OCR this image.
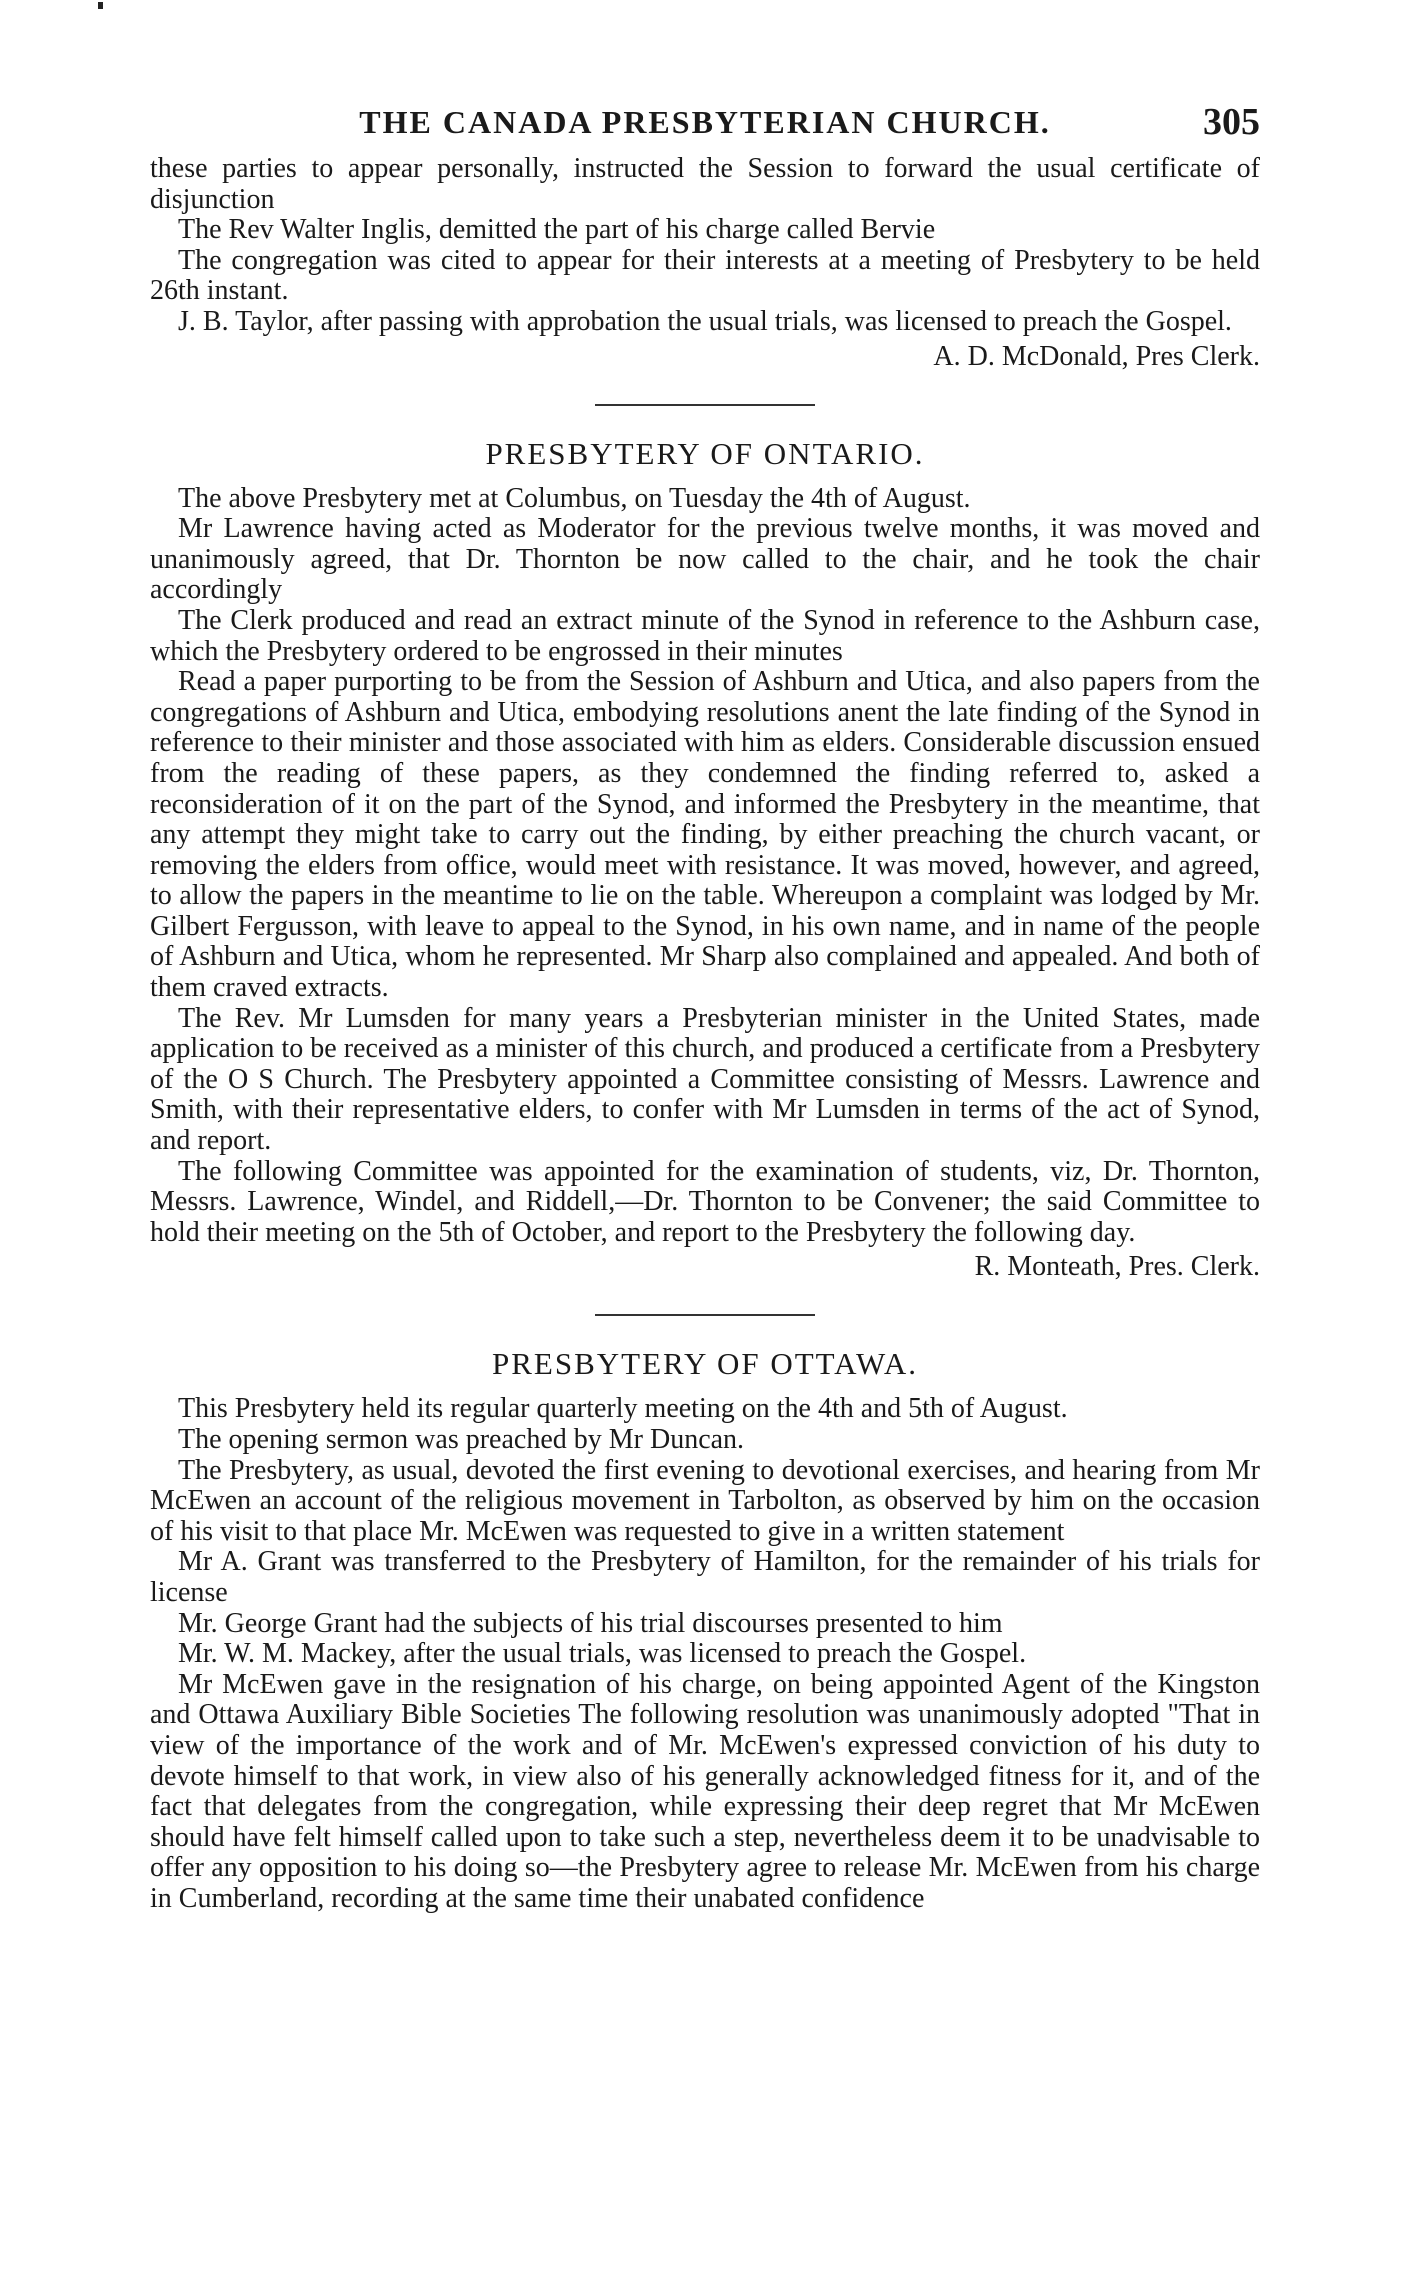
THE CANADA PRESBYTERIAN CHURCH.	305

these parties to appear personally, instructed the Session to forward the usual certificate of disjunction

The Rev Walter Inglis, demitted the part of his charge called Bervie

The congregation was cited to appear for their interests at a meeting of Presbytery to be held 26th instant.

J. B. Taylor, after passing with approbation the usual trials, was licensed to preach the Gospel.

A. D. McDonald, Pres Clerk.

PRESBYTERY OF ONTARIO.

The above Presbytery met at Columbus, on Tuesday the 4th of August.

Mr Lawrence having acted as Moderator for the previous twelve months, it was moved and unanimously agreed, that Dr. Thornton be now called to the chair, and he took the chair accordingly

The Clerk produced and read an extract minute of the Synod in reference to the Ashburn case, which the Presbytery ordered to be engrossed in their minutes

Read a paper purporting to be from the Session of Ashburn and Utica, and also papers from the congregations of Ashburn and Utica, embodying resolutions anent the late finding of the Synod in reference to their minister and those associated with him as elders. Considerable discussion ensued from the reading of these papers, as they condemned the finding referred to, asked a reconsideration of it on the part of the Synod, and informed the Presbytery in the meantime, that any attempt they might take to carry out the finding, by either preaching the church vacant, or removing the elders from office, would meet with resistance. It was moved, however, and agreed, to allow the papers in the meantime to lie on the table. Whereupon a complaint was lodged by Mr. Gilbert Fergusson, with leave to appeal to the Synod, in his own name, and in name of the people of Ashburn and Utica, whom he represented. Mr Sharp also complained and appealed. And both of them craved extracts.

The Rev. Mr Lumsden for many years a Presbyterian minister in the United States, made application to be received as a minister of this church, and produced a certificate from a Presbytery of the O S Church. The Presbytery appointed a Committee consisting of Messrs. Lawrence and Smith, with their representative elders, to confer with Mr Lumsden in terms of the act of Synod, and report.

The following Committee was appointed for the examination of students, viz, Dr. Thornton, Messrs. Lawrence, Windel, and Riddell,—Dr. Thornton to be Convener; the said Committee to hold their meeting on the 5th of October, and report to the Presbytery the following day.

R. Monteath, Pres. Clerk.

PRESBYTERY OF OTTAWA.

This Presbytery held its regular quarterly meeting on the 4th and 5th of August.

The opening sermon was preached by Mr Duncan.

The Presbytery, as usual, devoted the first evening to devotional exercises, and hearing from Mr McEwen an account of the religious movement in Tarbolton, as observed by him on the occasion of his visit to that place Mr. McEwen was requested to give in a written statement

Mr A. Grant was transferred to the Presbytery of Hamilton, for the remainder of his trials for license

Mr. George Grant had the subjects of his trial discourses presented to him

Mr. W. M. Mackey, after the usual trials, was licensed to preach the Gospel.

Mr McEwen gave in the resignation of his charge, on being appointed Agent of the Kingston and Ottawa Auxiliary Bible Societies The following resolution was unanimously adopted "That in view of the importance of the work and of Mr. McEwen's expressed conviction of his duty to devote himself to that work, in view also of his generally acknowledged fitness for it, and of the fact that delegates from the congregation, while expressing their deep regret that Mr McEwen should have felt himself called upon to take such a step, nevertheless deem it to be unadvisable to offer any opposition to his doing so—the Presbytery agree to release Mr. McEwen from his charge in Cumberland, recording at the same time their unabated confidence
